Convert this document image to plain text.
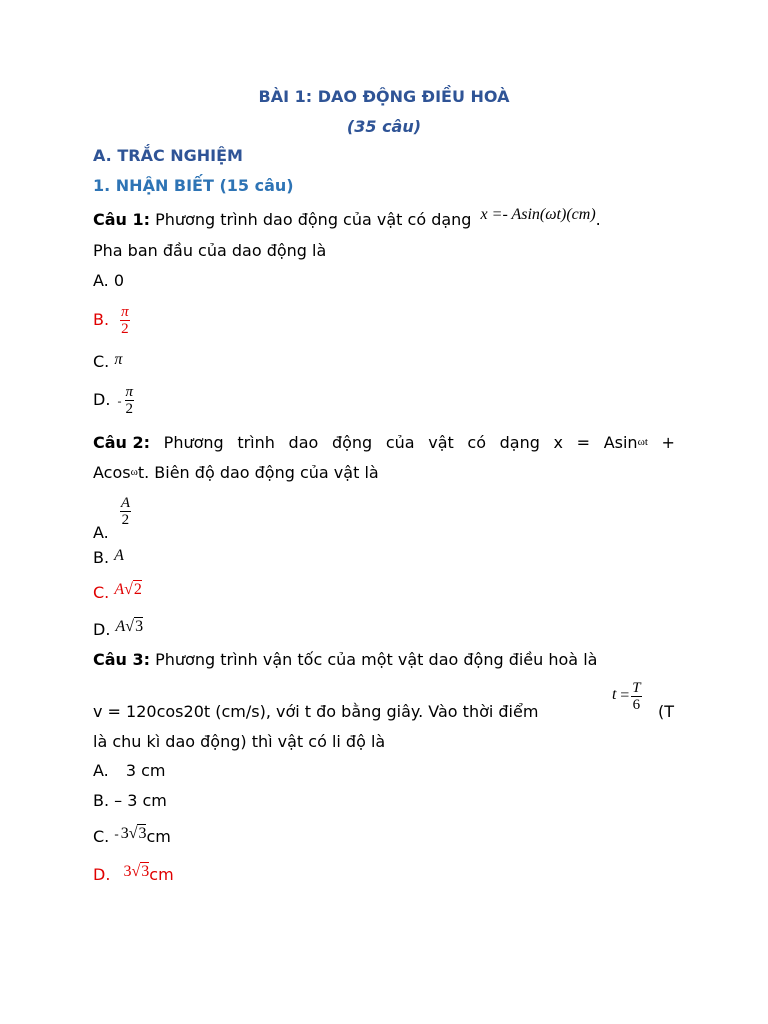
BÀI 1: DAO ĐỘNG ĐIỀU HOÀ
(35 câu)
A. TRẮC NGHIỆM
1. NHẬN BIẾT (15 câu)
Câu 1: Phương trình dao động của vật có dạng x =- Asin(ωt)(cm).
Pha ban đầu của dao động là
A. 0
B. $\frac{\pi}{2}$
C. π
D. - $\frac{\pi}{2}$
Câu 2: Phương trình dao động của vật có dạng x = Asinωt +
Acosωt. Biên độ dao động của vật là
A.
$\frac{A}{2}$
B. A
C. A√2
D. A√3
Câu 3: Phương trình vận tốc của một vật dao động điều hoà là
v = 120cos20t (cm/s), với t đo bằng giây. Vào thời điểm
$t = \frac{T}{6} (T$
là chu kì dao động) thì vật có li độ là
A. 3 cm
B. – 3 cm
C. - 3√3cm
D. 3√3cm
